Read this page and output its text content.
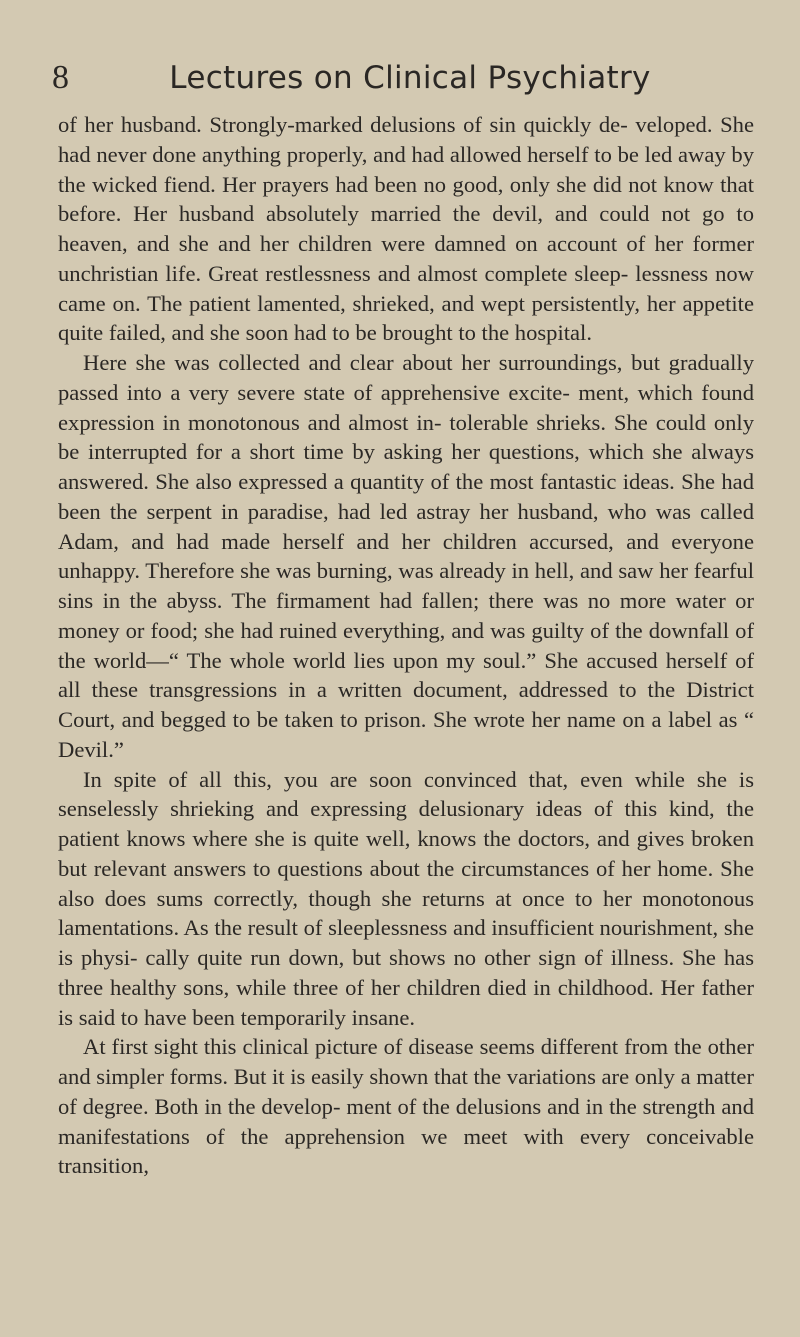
8	Lectures on Clinical Psychiatry

of her husband. Strongly-marked delusions of sin quickly de- veloped. She had never done anything properly, and had allowed herself to be led away by the wicked fiend. Her prayers had been no good, only she did not know that before. Her husband absolutely married the devil, and could not go to heaven, and she and her children were damned on account of her former unchristian life. Great restlessness and almost complete sleep- lessness now came on. The patient lamented, shrieked, and wept persistently, her appetite quite failed, and she soon had to be brought to the hospital.

Here she was collected and clear about her surroundings, but gradually passed into a very severe state of apprehensive excite- ment, which found expression in monotonous and almost in- tolerable shrieks. She could only be interrupted for a short time by asking her questions, which she always answered. She also expressed a quantity of the most fantastic ideas. She had been the serpent in paradise, had led astray her husband, who was called Adam, and had made herself and her children accursed, and everyone unhappy. Therefore she was burning, was already in hell, and saw her fearful sins in the abyss. The firmament had fallen; there was no more water or money or food; she had ruined everything, and was guilty of the downfall of the world—“ The whole world lies upon my soul.” She accused herself of all these transgressions in a written document, addressed to the District Court, and begged to be taken to prison. She wrote her name on a label as “ Devil.”

In spite of all this, you are soon convinced that, even while she is senselessly shrieking and expressing delusionary ideas of this kind, the patient knows where she is quite well, knows the doctors, and gives broken but relevant answers to questions about the circumstances of her home. She also does sums correctly, though she returns at once to her monotonous lamentations. As the result of sleeplessness and insufficient nourishment, she is physi- cally quite run down, but shows no other sign of illness. She has three healthy sons, while three of her children died in childhood. Her father is said to have been temporarily insane.

At first sight this clinical picture of disease seems different from the other and simpler forms. But it is easily shown that the variations are only a matter of degree. Both in the develop- ment of the delusions and in the strength and manifestations of the apprehension we meet with every conceivable transition,
